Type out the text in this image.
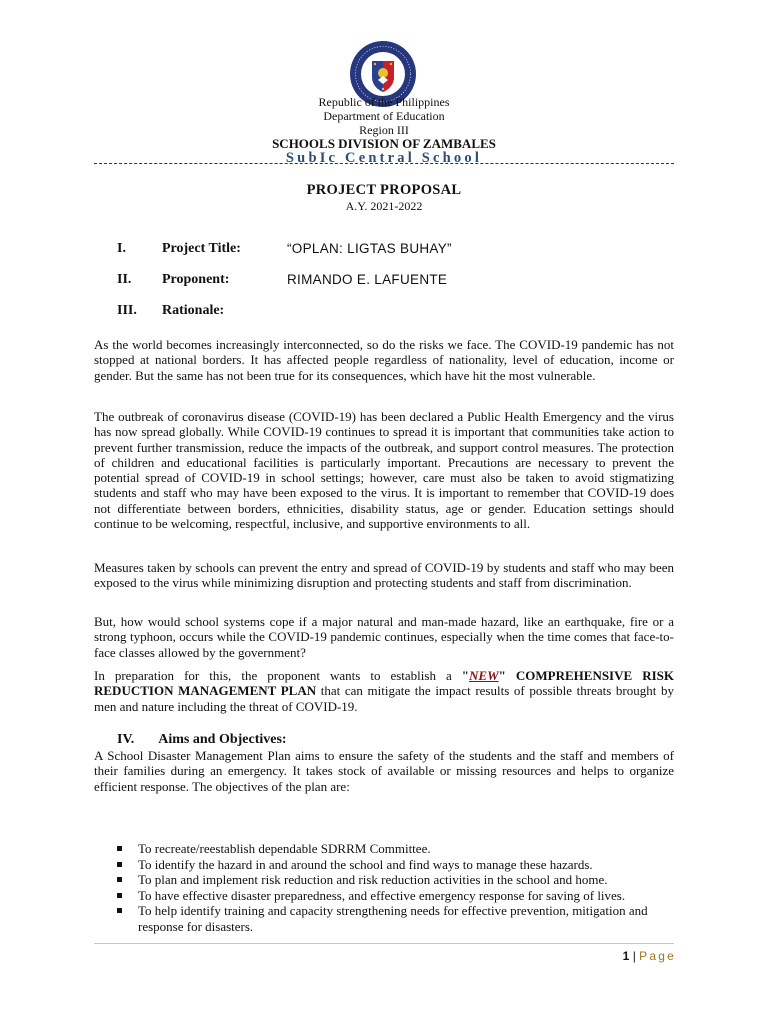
Republic of the Philippines
Department of Education
Region III
SCHOOLS DIVISION OF ZAMBALES
SubIc Central School
PROJECT PROPOSAL
A.Y. 2021-2022
I.	Project Title:	“OPLAN: LIGTAS BUHAY”
II. Proponent:	RIMANDO E. LAFUENTE
III. Rationale:

As the world becomes increasingly interconnected, so do the risks we face. The COVID-19 pandemic has not stopped at national borders. It has affected people regardless of nationality, level of education, income or gender. But the same has not been true for its consequences, which have hit the most vulnerable.

The outbreak of coronavirus disease (COVID-19) has been declared a Public Health Emergency and the virus has now spread globally. While COVID-19 continues to spread it is important that communities take action to prevent further transmission, reduce the impacts of the outbreak, and support control measures. The protection of children and educational facilities is particularly important. Precautions are necessary to prevent the potential spread of COVID-19 in school settings; however, care must also be taken to avoid stigmatizing students and staff who may have been exposed to the virus. It is important to remember that COVID-19 does not differentiate between borders, ethnicities, disability status, age or gender. Education settings should continue to be welcoming, respectful, inclusive, and supportive environments to all.

Measures taken by schools can prevent the entry and spread of COVID-19 by students and staff who may been exposed to the virus while minimizing disruption and protecting students and staff from discrimination.

But, how would school systems cope if a major natural and man-made hazard, like an earthquake, fire or a strong typhoon, occurs while the COVID-19 pandemic continues, especially when the time comes that face-to-face classes allowed by the government?

In preparation for this, the proponent wants to establish a "NEW" COMPREHENSIVE RISK REDUCTION MANAGEMENT PLAN that can mitigate the impact results of possible threats brought by men and nature including the threat of COVID-19.

IV. Aims and Objectives:

A School Disaster Management Plan aims to ensure the safety of the students and the staff and members of their families during an emergency. It takes stock of available or missing resources and helps to organize efficient response. The objectives of the plan are:

To recreate/reestablish dependable SDRRM Committee.
To identify the hazard in and around the school and find ways to manage these hazards.
To plan and implement risk reduction and risk reduction activities in the school and home.
To have effective disaster preparedness, and effective emergency response for saving of lives.
To help identify training and capacity strengthening needs for effective prevention, mitigation and response for disasters.
1 | Page
